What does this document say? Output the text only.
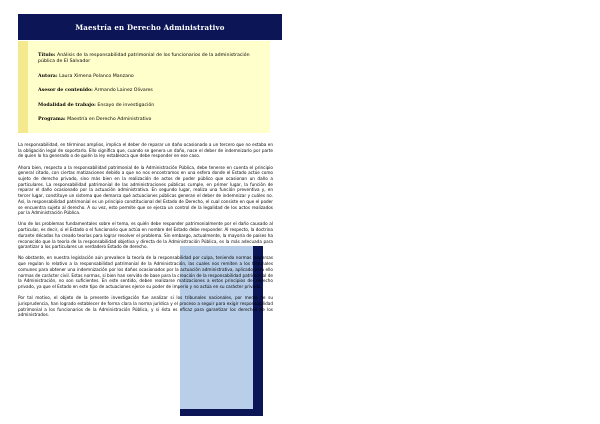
Maestría en Derecho Administrativo
Título: Análisis de la responsabilidad patrimonial de los funcionarios de la administración pública de El Salvador
Autora: Laura Ximena Polanco Manzano
Asesor de contenido: Armando Lainez Olivares
Modalidad de trabajo: Ensayo de investigación
Programa: Maestría en Derecho Administrativo

La responsabilidad, en términos amplios, implica el deber de reparar un daño ocasionado a un tercero que no estaba en la obligación legal de soportarlo. Ello significa que, cuando se genera un daño, nace el deber de indemnizarlo por parte de quien lo ha generado o de quién la ley establezca que debe responder en ese caso.

Ahora bien, respecto a la responsabilidad patrimonial de la Administración Pública, debe tenerse en cuenta el principio general citado, con ciertas matizaciones debido a que no nos encontramos en una esfera donde el Estado actúe como sujeto de derecho privado, sino más bien en la realización de actos de poder público que ocasionan un daño a particulares. La responsabilidad patrimonial de las administraciones públicas cumple, en primer lugar, la función de reparar el daño ocasionado por la actuación administrativa. En segundo lugar, realiza una función preventiva y, en tercer lugar, constituye un sistema que demarca qué actuaciones públicas generan el deber de indemnizar y cuáles no. Así, la responsabilidad patrimonial es un principio constitucional del Estado de Derecho, el cual consiste en que el poder se encuentra sujeto al derecho. A su vez, esto permite que se ejerza un control de la legalidad de los actos realizados por la Administración Pública.

Uno de los problemas fundamentales sobre el tema, es quién debe responder patrimonialmente por el daño causado al particular, es decir, si el Estado o el funcionario que actúa en nombre del Estado debe responder. Al respecto, la doctrina durante décadas ha creado teorías para lograr resolver el problema. Sin embargo, actualmente, la mayoría de países ha reconocido que la teoría de la responsabilidad objetiva y directa de la Administración Pública, es la más adecuada para garantizar a los particulares un verdadero Estado de derecho.

No obstante, en nuestra legislación aún prevalece la teoría de la responsabilidad por culpa, teniendo normas dispersas que regulan lo relativo a la responsabilidad patrimonial de la Administración, las cuales nos remiten a los tribunales comunes para obtener una indemnización por los daños ocasionados por la actuación administrativa, aplicado para ello normas de carácter civil. Estas normas, si bien han servido de base para la creación de la responsabilidad patrimonial de la Administración, no son suficientes. En este sentido, deben realizarse matizaciones a estos principios del derecho privado, ya que el Estado en este tipo de actuaciones ejerce su poder de imperio y no actúa en su carácter privado.

Por tal motivo, el objeto de la presente investigación fue analizar si los tribunales nacionales, por medio de su jurisprudencia, han logrado establecer de forma clara la norma jurídica y el proceso a seguir para exigir responsabilidad patrimonial a los funcionarios de la Administración Pública, y si ésta es eficaz para garantizar los derechos de los administrados.
